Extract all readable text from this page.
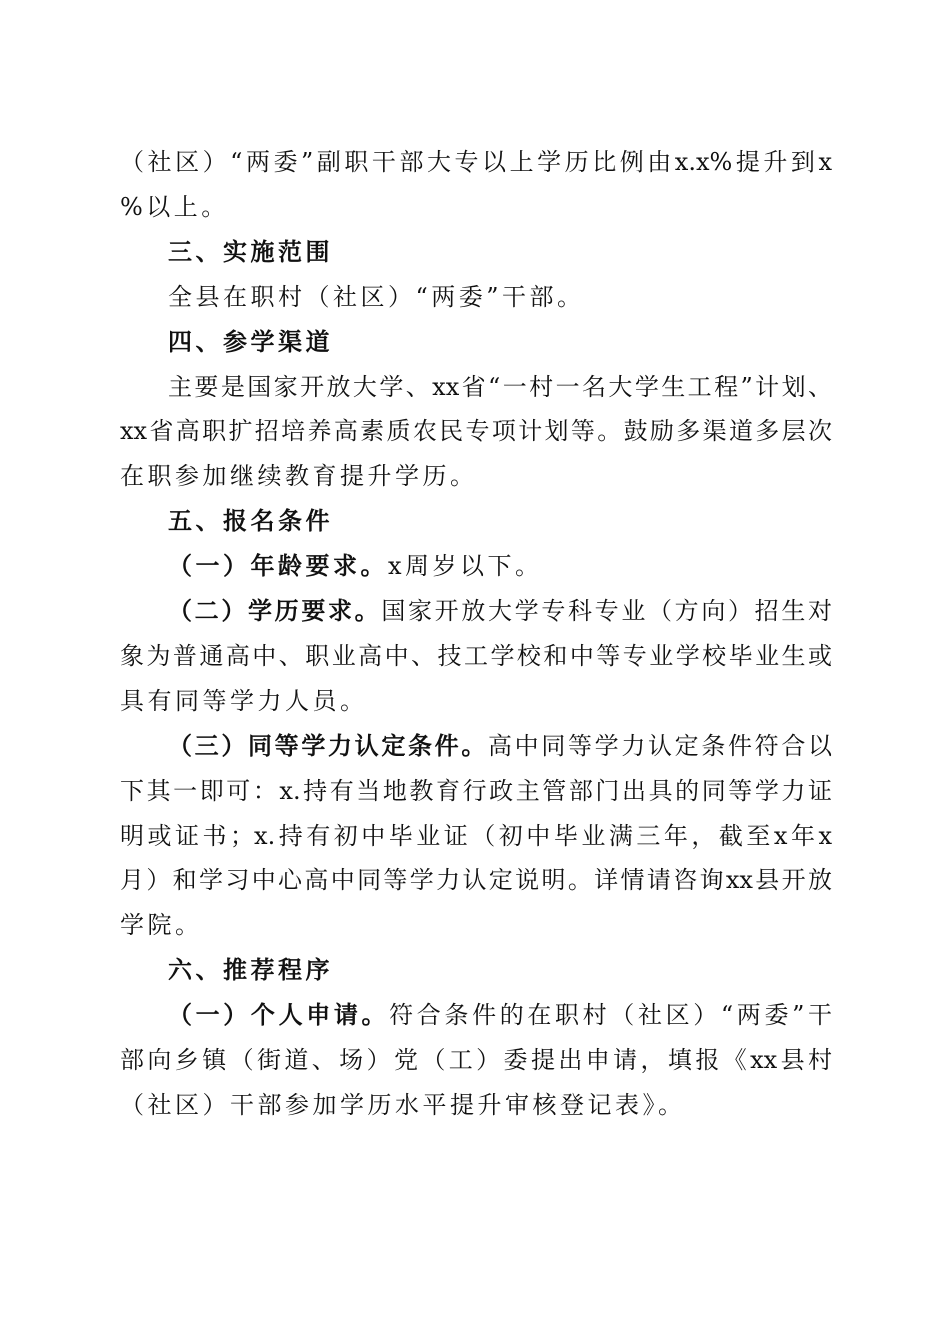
（社区）“两委”副职干部大专以上学历比例由x.x%提升到x
%以上。
三、实施范围
全县在职村（社区）“两委”干部。
四、参学渠道
主要是国家开放大学、xx省“一村一名大学生工程”计划、
xx省高职扩招培养高素质农民专项计划等。鼓励多渠道多层次
在职参加继续教育提升学历。
五、报名条件
（一）年龄要求。x周岁以下。
（二）学历要求。国家开放大学专科专业（方向）招生对
象为普通高中、职业高中、技工学校和中等专业学校毕业生或
具有同等学力人员。
（三）同等学力认定条件。高中同等学力认定条件符合以
下其一即可：x.持有当地教育行政主管部门出具的同等学力证
明或证书；x.持有初中毕业证（初中毕业满三年，截至x年x
月）和学习中心高中同等学力认定说明。详情请咨询xx县开放
学院。
六、推荐程序
（一）个人申请。符合条件的在职村（社区）“两委”干
部向乡镇（街道、场）党（工）委提出申请，填报《xx县村
（社区）干部参加学历水平提升审核登记表》。
